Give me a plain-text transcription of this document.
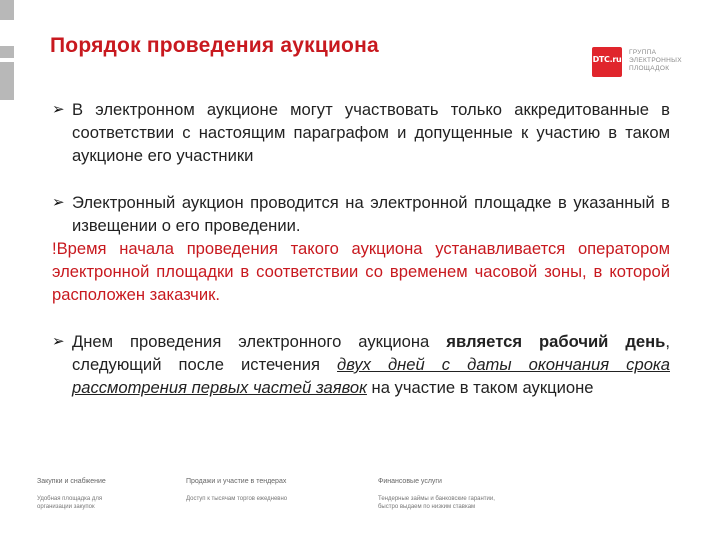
Порядок проведения аукциона
DTC.ru
ГРУППА
ЭЛЕКТРОННЫХ
ПЛОЩАДОК
➢ В электронном аукционе могут участвовать только аккредитованные в соответствии с настоящим параграфом и допущенные к участию в таком аукционе его участники
➢ Электронный аукцион проводится на электронной площадке в указанный в извещении о его проведении.
!Время начала проведения такого аукциона устанавливается оператором электронной площадки в соответствии со временем часовой зоны, в которой расположен заказчик.
➢ Днем проведения электронного аукциона является рабочий день, следующий после истечения двух дней с даты окончания срока рассмотрения первых частей заявок на участие в таком аукционе
Закупки и снабжение
Удобная площадка для
организации закупок
Продажи и участие в тендерах
Доступ к тысячам торгов ежедневно
Финансовые услуги
Тендерные займы и банковские гарантии,
быстро выдаем по низким ставкам
